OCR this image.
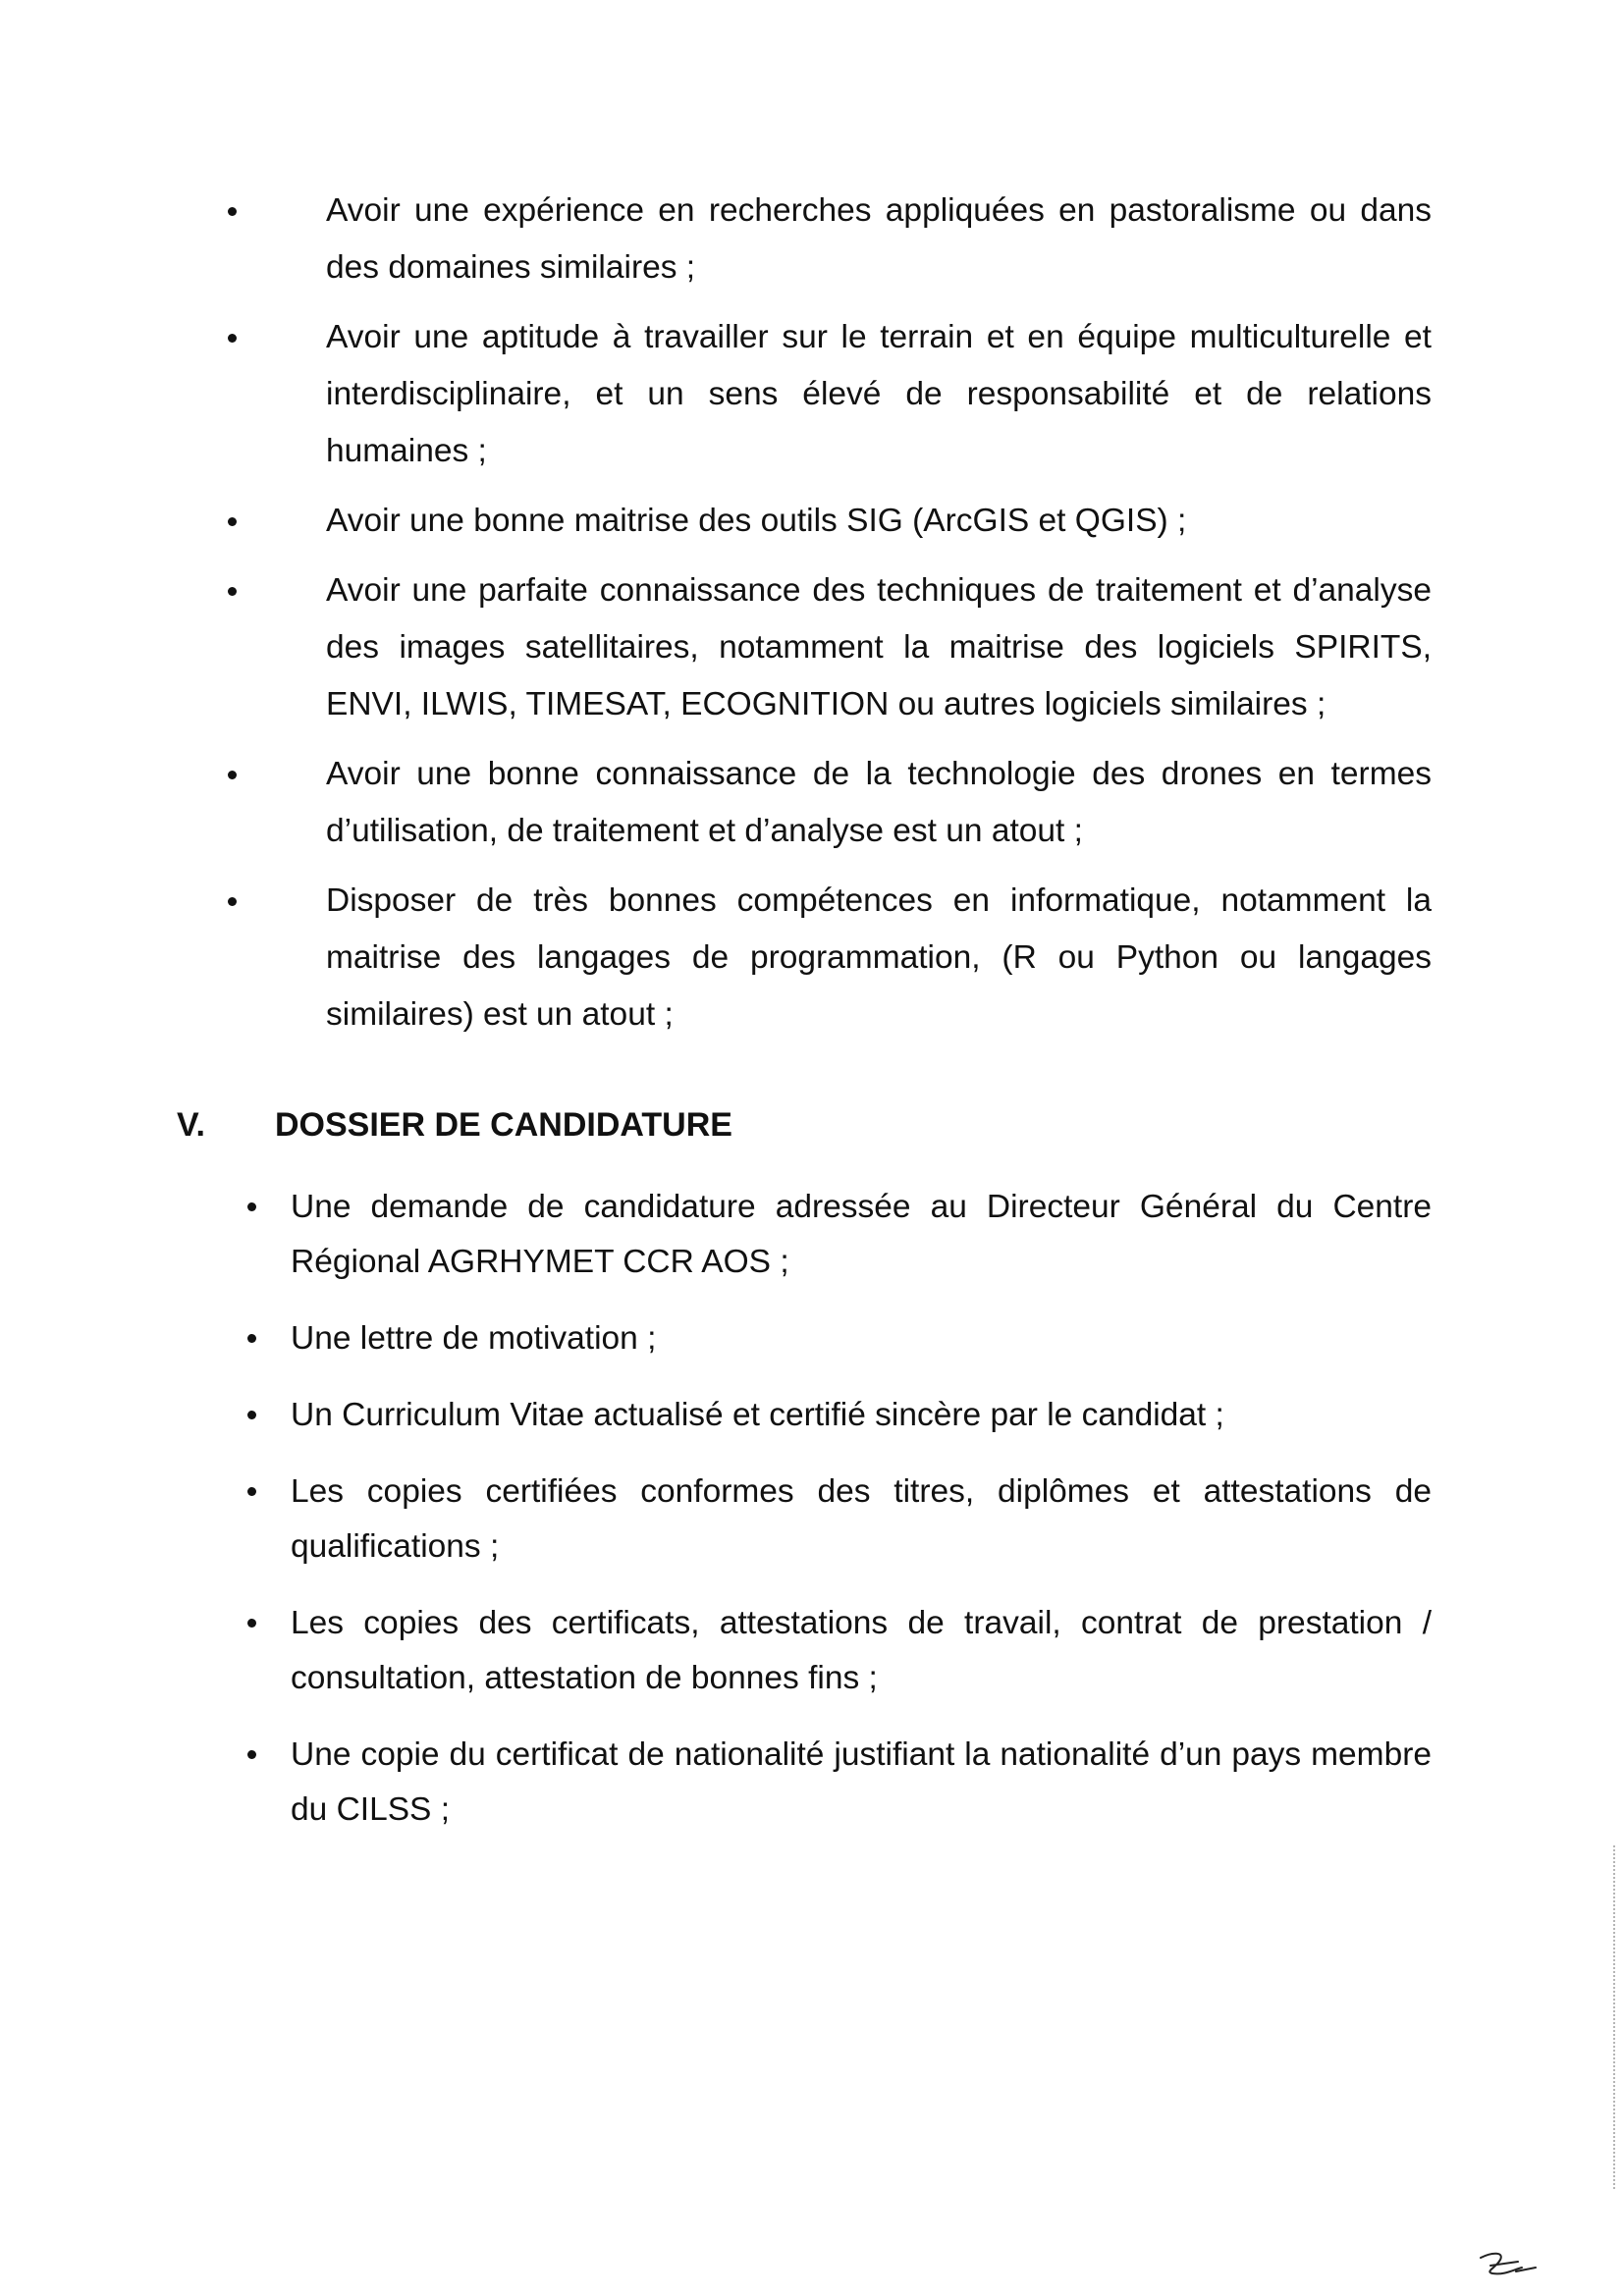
Avoir une expérience en recherches appliquées en pastoralisme ou dans des domaines similaires ;
Avoir une aptitude à travailler sur le terrain et en équipe multiculturelle et interdisciplinaire, et un sens élevé de responsabilité et de relations humaines ;
Avoir une bonne maitrise des outils SIG (ArcGIS et QGIS) ;
Avoir une parfaite connaissance des techniques de traitement et d’analyse des images satellitaires, notamment la maitrise des logiciels SPIRITS, ENVI, ILWIS, TIMESAT, ECOGNITION ou autres logiciels similaires ;
Avoir une bonne connaissance de la technologie des drones en termes d’utilisation, de traitement et d’analyse est un atout ;
Disposer de très bonnes compétences en informatique, notamment la maitrise des langages de programmation, (R ou Python ou langages similaires) est un atout ;
V. DOSSIER DE CANDIDATURE
Une demande de candidature adressée au Directeur Général du Centre Régional AGRHYMET CCR AOS ;
Une lettre de motivation ;
Un Curriculum Vitae actualisé et certifié sincère par le candidat ;
Les copies certifiées conformes des titres, diplômes et attestations de qualifications ;
Les copies des certificats, attestations de travail, contrat de prestation / consultation, attestation de bonnes fins ;
Une copie du certificat de nationalité justifiant la nationalité d’un pays membre du CILSS ;
